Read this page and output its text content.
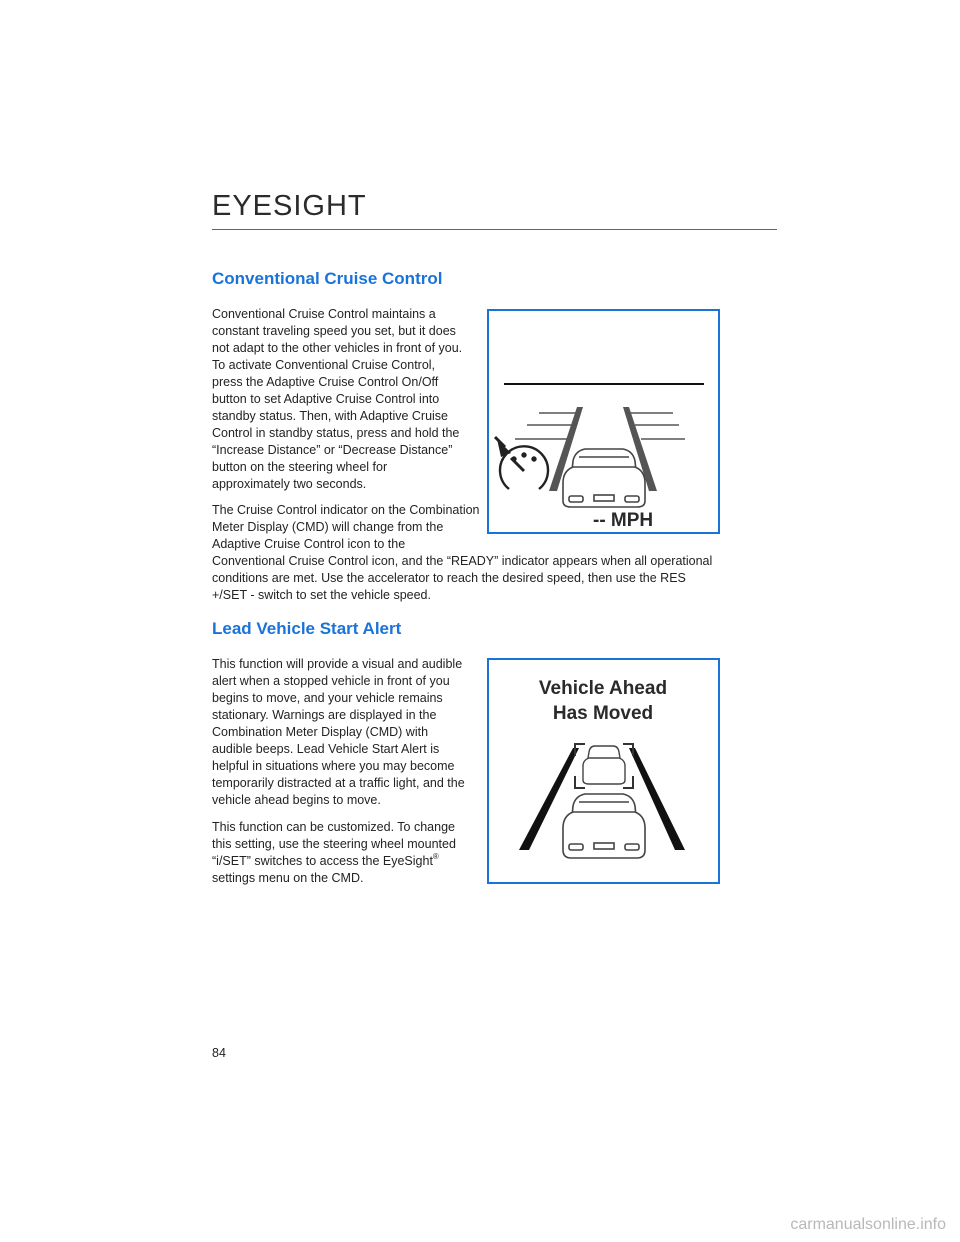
EYESIGHT
Conventional Cruise Control

Conventional Cruise Control maintains a constant traveling speed you set, but it does not adapt to the other vehicles in front of you. To activate Conventional Cruise Control, press the Adaptive Cruise Control On/Off button to set Adaptive Cruise Control into standby status. Then, with Adaptive Cruise Control in standby status, press and hold the “Increase Distance” or “Decrease Distance” button on the steering wheel for approximately two seconds.

-- MPH

The Cruise Control indicator on the Combination Meter Display (CMD) will change from the Adaptive Cruise Control icon to the

Lead Vehicle Start Alert

This function will provide a visual and audible alert when a stopped vehicle in front of you begins to move, and your vehicle remains stationary. Warnings are displayed in the Combination Meter Display (CMD) with audible beeps. Lead Vehicle Start Alert is helpful in situations where you may become temporarily distracted at a traffic light, and the vehicle ahead begins to move.

This function can be customized. To change this setting, use the steering wheel mounted “i/SET” switches to access the EyeSight® settings menu on the CMD.

Vehicle Ahead
Has Moved
84
carmanualsonline.info

Conventional Cruise Control icon, and the “READY” indicator appears when all operational conditions are met. Use the accelerator to reach the desired speed, then use the RES +/SET - switch to set the vehicle speed.
